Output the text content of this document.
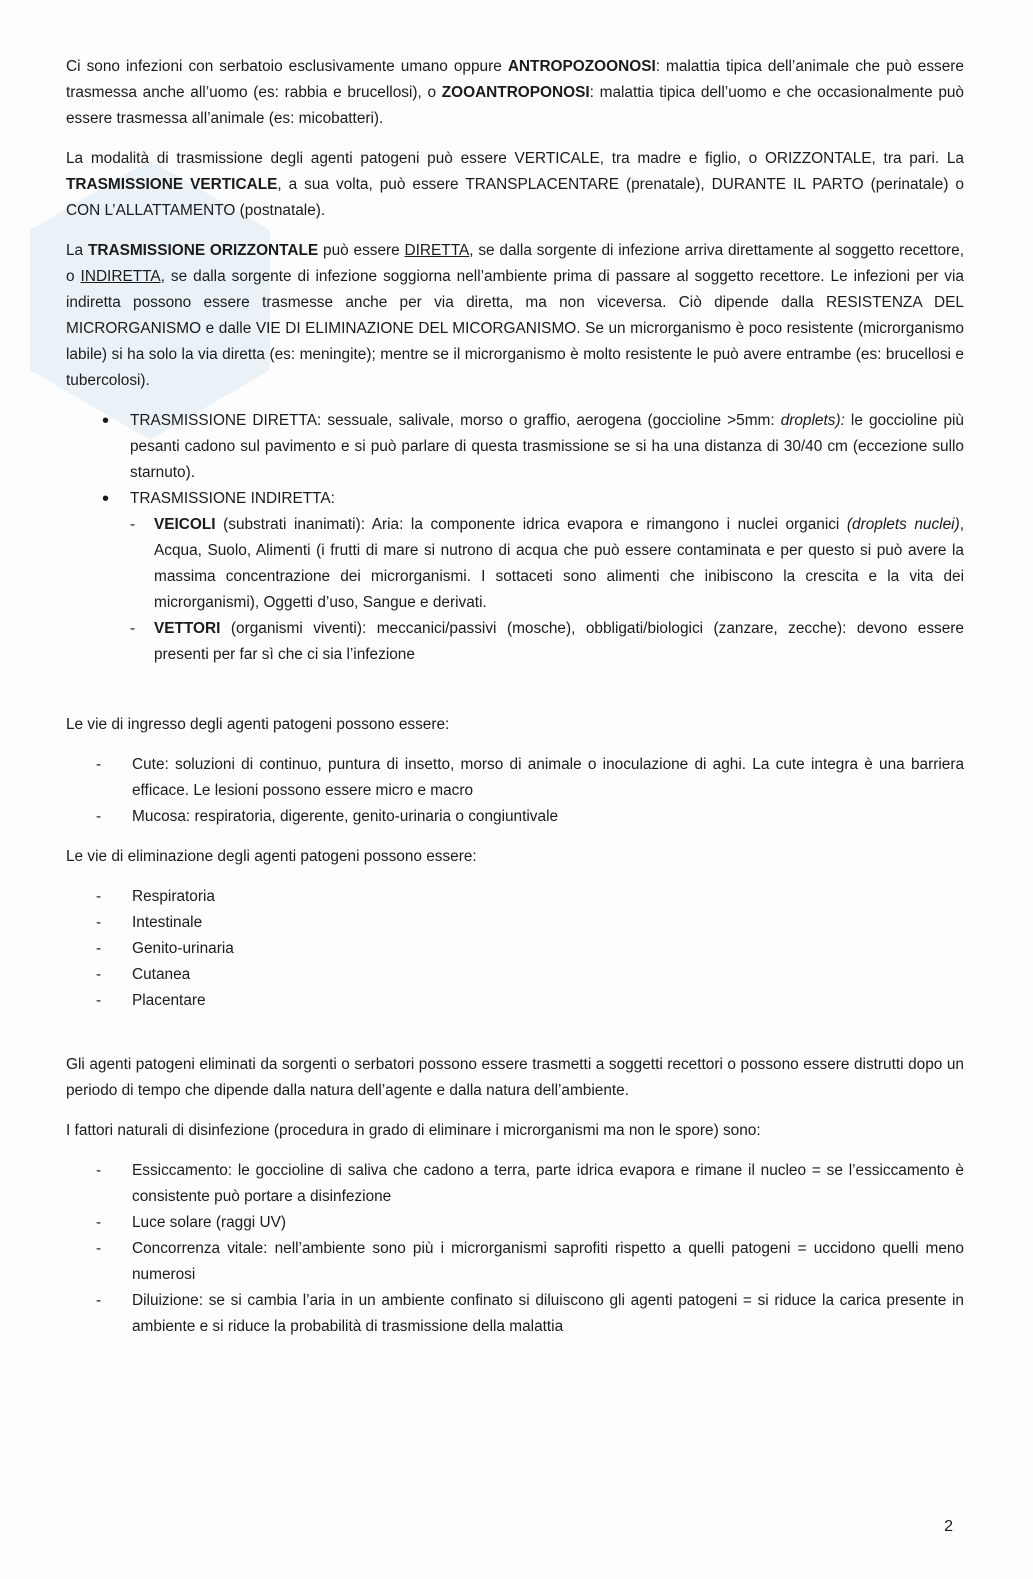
Ci sono infezioni con serbatoio esclusivamente umano oppure ANTROPOZOONOSI: malattia tipica dell’animale che può essere trasmessa anche all’uomo (es: rabbia e brucellosi), o ZOOANTROPONOSI: malattia tipica dell’uomo e che occasionalmente può essere trasmessa all’animale (es: micobatteri).

La modalità di trasmissione degli agenti patogeni può essere VERTICALE, tra madre e figlio, o ORIZZONTALE, tra pari. La TRASMISSIONE VERTICALE, a sua volta, può essere TRANSPLACENTARE (prenatale), DURANTE IL PARTO (perinatale) o CON L’ALLATTAMENTO (postnatale).

La TRASMISSIONE ORIZZONTALE può essere DIRETTA, se dalla sorgente di infezione arriva direttamente al soggetto recettore, o INDIRETTA, se dalla sorgente di infezione soggiorna nell’ambiente prima di passare al soggetto recettore. Le infezioni per via indiretta possono essere trasmesse anche per via diretta, ma non viceversa. Ciò dipende dalla RESISTENZA DEL MICRORGANISMO e dalle VIE DI ELIMINAZIONE DEL MICORGANISMO. Se un microrganismo è poco resistente (microrganismo labile) si ha solo la via diretta (es: meningite); mentre se il microrganismo è molto resistente le può avere entrambe (es: brucellosi e tubercolosi).

• TRASMISSIONE DIRETTA: sessuale, salivale, morso o graffio, aerogena (goccioline >5mm: droplets): le goccioline più pesanti cadono sul pavimento e si può parlare di questa trasmissione se si ha una distanza di 30/40 cm (eccezione sullo starnuto).
• TRASMISSIONE INDIRETTA:
- VEICOLI (substrati inanimati): Aria: la componente idrica evapora e rimangono i nuclei organici (droplets nuclei), Acqua, Suolo, Alimenti (i frutti di mare si nutrono di acqua che può essere contaminata e per questo si può avere la massima concentrazione dei microrganismi. I sottaceti sono alimenti che inibiscono la crescita e la vita dei microrganismi), Oggetti d’uso, Sangue e derivati.
- VETTORI (organismi viventi): meccanici/passivi (mosche), obbligati/biologici (zanzare, zecche): devono essere presenti per far sì che ci sia l’infezione

Le vie di ingresso degli agenti patogeni possono essere:

- Cute: soluzioni di continuo, puntura di insetto, morso di animale o inoculazione di aghi. La cute integra è una barriera efficace. Le lesioni possono essere micro e macro
- Mucosa: respiratoria, digerente, genito-urinaria o congiuntivale

Le vie di eliminazione degli agenti patogeni possono essere:

- Respiratoria
- Intestinale
- Genito-urinaria
- Cutanea
- Placentare

Gli agenti patogeni eliminati da sorgenti o serbatori possono essere trasmetti a soggetti recettori o possono essere distrutti dopo un periodo di tempo che dipende dalla natura dell’agente e dalla natura dell’ambiente.

I fattori naturali di disinfezione (procedura in grado di eliminare i microrganismi ma non le spore) sono:

- Essiccamento: le goccioline di saliva che cadono a terra, parte idrica evapora e rimane il nucleo = se l’essiccamento è consistente può portare a disinfezione
- Luce solare (raggi UV)
- Concorrenza vitale: nell’ambiente sono più i microrganismi saprofiti rispetto a quelli patogeni = uccidono quelli meno numerosi
- Diluizione: se si cambia l’aria in un ambiente confinato si diluiscono gli agenti patogeni = si riduce la carica presente in ambiente e si riduce la probabilità di trasmissione della malattia
2
